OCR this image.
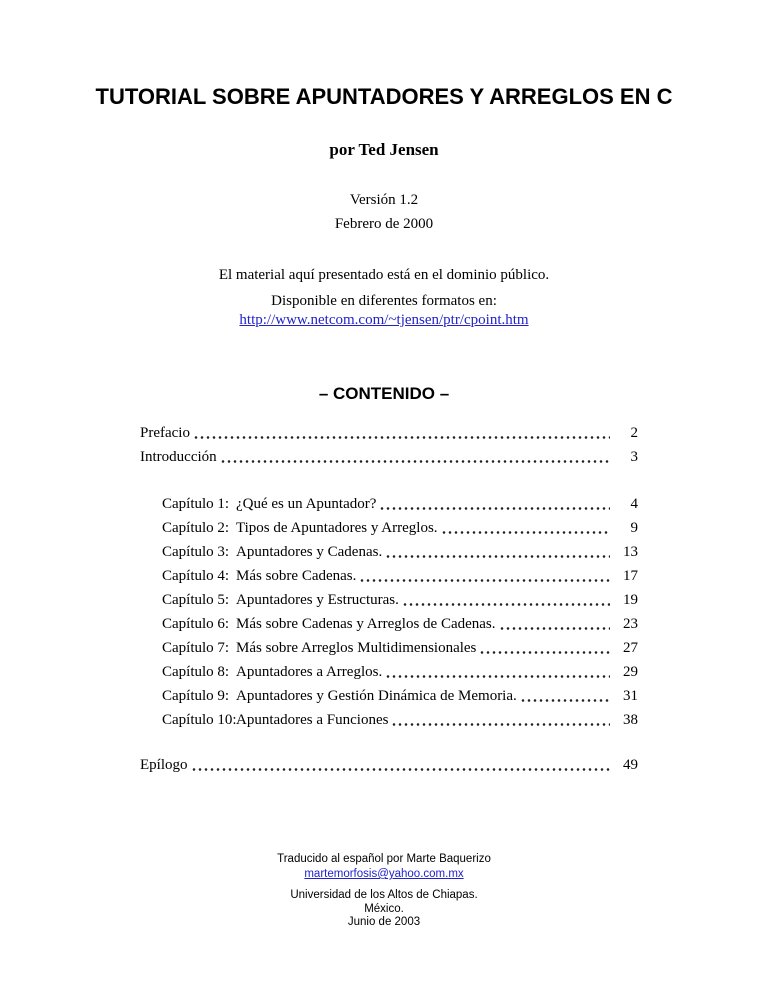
TUTORIAL SOBRE APUNTADORES Y ARREGLOS EN C
por Ted Jensen
Versión 1.2
Febrero de 2000
El material aquí presentado está en el dominio público.
Disponible en diferentes formatos en:
http://www.netcom.com/~tjensen/ptr/cpoint.htm
– CONTENIDO –
Prefacio	2
Introducción	3
Capítulo 1: ¿Qué es un Apuntador?	4
Capítulo 2: Tipos de Apuntadores y Arreglos.	9
Capítulo 3: Apuntadores y Cadenas.	13
Capítulo 4: Más sobre Cadenas.	17
Capítulo 5: Apuntadores y Estructuras.	19
Capítulo 6: Más sobre Cadenas y Arreglos de Cadenas.	23
Capítulo 7: Más sobre Arreglos Multidimensionales	27
Capítulo 8: Apuntadores a Arreglos.	29
Capítulo 9: Apuntadores y Gestión Dinámica de Memoria.	31
Capítulo 10: Apuntadores a Funciones	38
Epílogo	49
Traducido al español por Marte Baquerizo
martemorfosis@yahoo.com.mx
Universidad de los Altos de Chiapas.
México.
Junio de 2003
